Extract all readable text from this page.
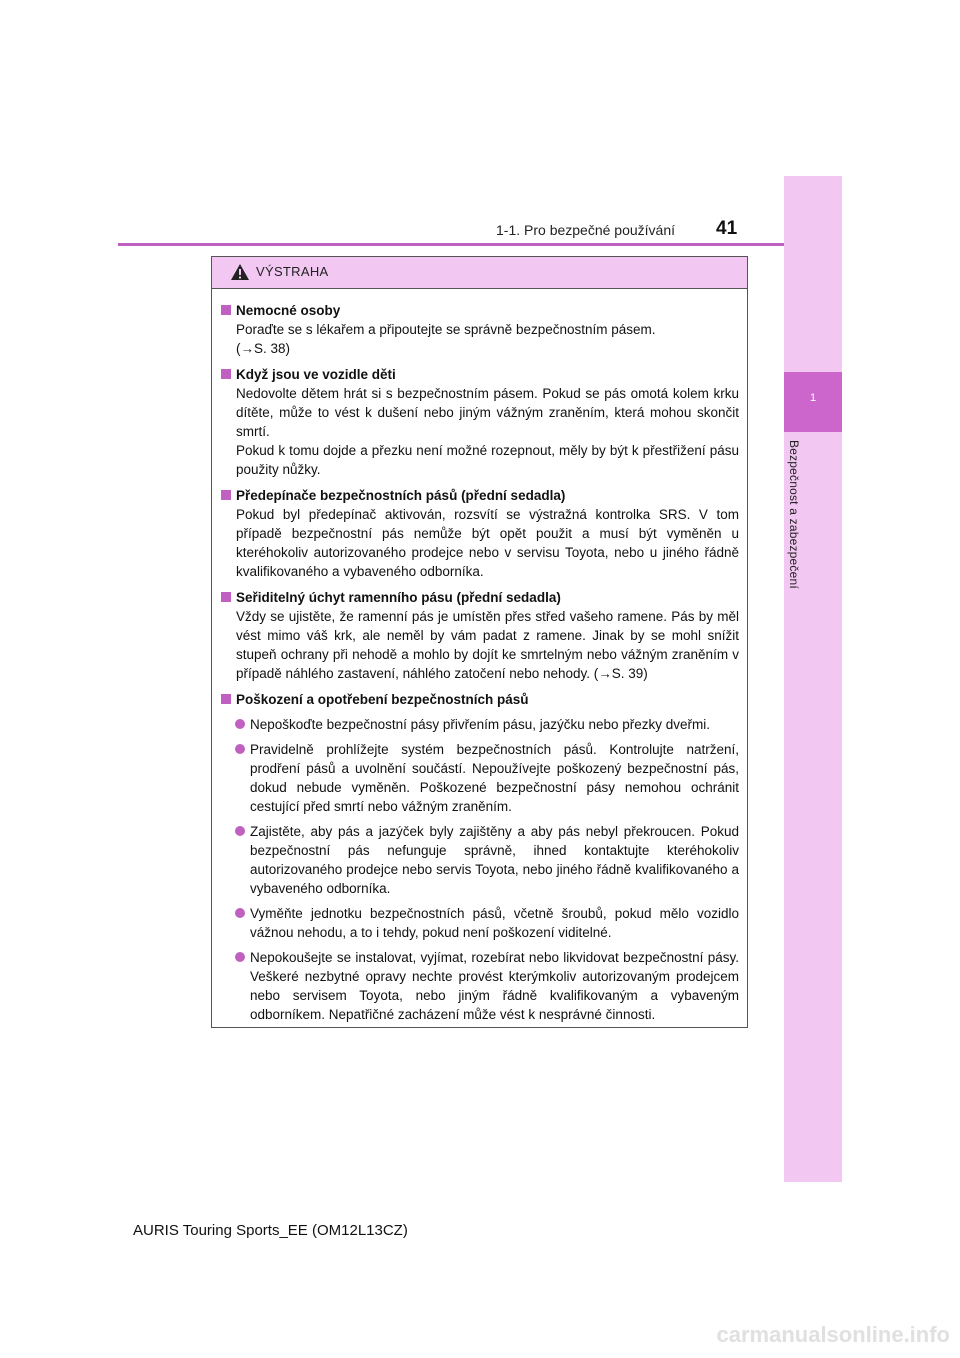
1
Bezpečnost a zabezpečení
1-1. Pro bezpečné používání 41
VÝSTRAHA
Nemocné osoby
Poraďte se s lékařem a připoutejte se správně bezpečnostním pásem.
(→S. 38)
Když jsou ve vozidle děti
Nedovolte dětem hrát si s bezpečnostním pásem. Pokud se pás omotá kolem krku dítěte, může to vést k dušení nebo jiným vážným zraněním, která mohou skončit smrtí.
Pokud k tomu dojde a přezku není možné rozepnout, měly by být k přestřižení pásu použity nůžky.
Předepínače bezpečnostních pásů (přední sedadla)
Pokud byl předepínač aktivován, rozsvítí se výstražná kontrolka SRS. V tom případě bezpečnostní pás nemůže být opět použit a musí být vyměněn u kteréhokoliv autorizovaného prodejce nebo v servisu Toyota, nebo u jiného řádně kvalifikovaného a vybaveného odborníka.
Seřiditelný úchyt ramenního pásu (přední sedadla)
Vždy se ujistěte, že ramenní pás je umístěn přes střed vašeho ramene. Pás by měl vést mimo váš krk, ale neměl by vám padat z ramene. Jinak by se mohl snížit stupeň ochrany při nehodě a mohlo by dojít ke smrtelným nebo vážným zraněním v případě náhlého zastavení, náhlého zatočení nebo nehody. (→S. 39)
Poškození a opotřebení bezpečnostních pásů
Nepoškoďte bezpečnostní pásy přivřením pásu, jazýčku nebo přezky dveřmi.
Pravidelně prohlížejte systém bezpečnostních pásů. Kontrolujte natržení, prodření pásů a uvolnění součástí. Nepoužívejte poškozený bezpečnostní pás, dokud nebude vyměněn. Poškozené bezpečnostní pásy nemohou ochránit cestující před smrtí nebo vážným zraněním.
Zajistěte, aby pás a jazýček byly zajištěny a aby pás nebyl překroucen. Pokud bezpečnostní pás nefunguje správně, ihned kontaktujte kteréhokoliv autorizovaného prodejce nebo servis Toyota, nebo jiného řádně kvalifikovaného a vybaveného odborníka.
Vyměňte jednotku bezpečnostních pásů, včetně šroubů, pokud mělo vozidlo vážnou nehodu, a to i tehdy, pokud není poškození viditelné.
Nepokoušejte se instalovat, vyjímat, rozebírat nebo likvidovat bezpečnostní pásy. Veškeré nezbytné opravy nechte provést kterýmkoliv autorizovaným prodejcem nebo servisem Toyota, nebo jiným řádně kvalifikovaným a vybaveným odborníkem. Nepatřičné zacházení může vést k nesprávné činnosti.
AURIS Touring Sports_EE (OM12L13CZ)
carmanualsonline.info
